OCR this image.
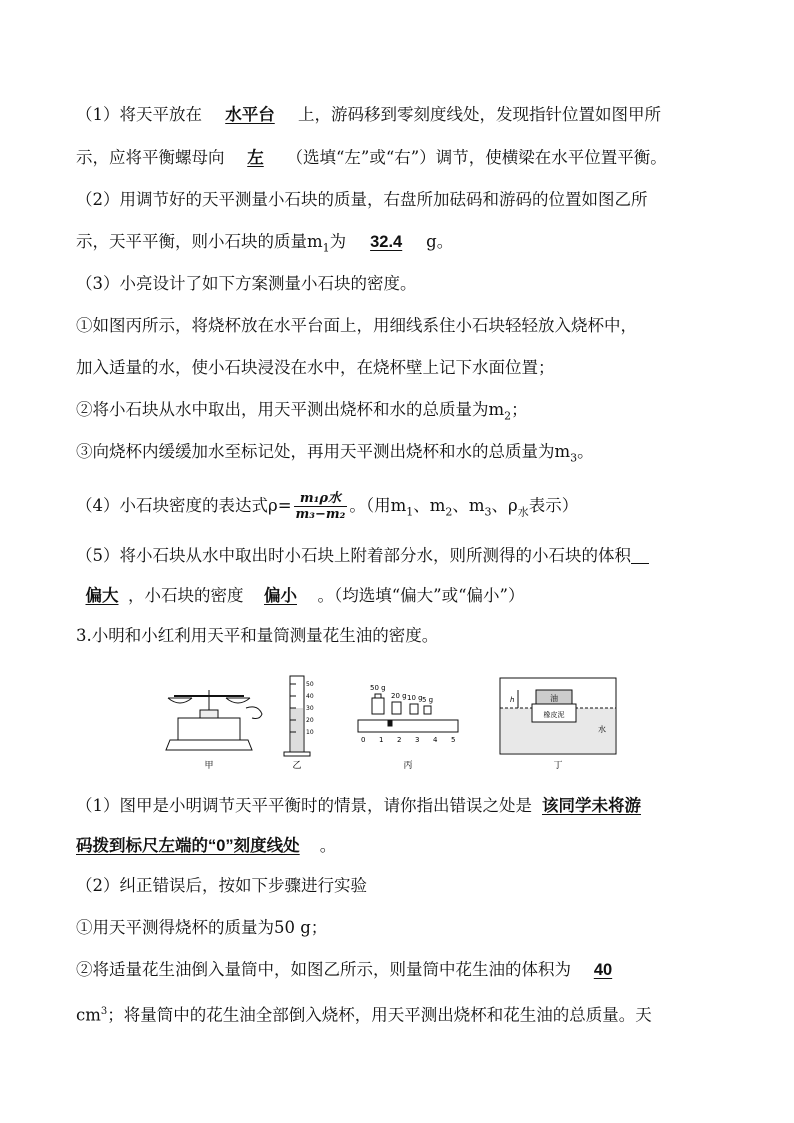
（1）将天平放在 水平台 上，游码移到零刻度线处，发现指针位置如图甲所
示，应将平衡螺母向 左 （选填“左”或“右”）调节，使横梁在水平位置平衡。
（2）用调节好的天平测量小石块的质量，右盘所加砝码和游码的位置如图乙所
示，天平平衡，则小石块的质量$m_1$为 32.4 g。
（3）小亮设计了如下方案测量小石块的密度。
①如图丙所示，将烧杯放在水平台面上，用细线系住小石块轻轻放入烧杯中，
加入适量的水，使小石块浸没在水中，在烧杯壁上记下水面位置；
②将小石块从水中取出，用天平测出烧杯和水的总质量为$m_2$；
③向烧杯内缓缓加水至标记处，再用天平测出烧杯和水的总质量为$m_3$。
（4）小石块密度的表达式$\rho= \frac{\text{m₁ρ水}}{\text{m₃−m₂}}$ 。（用$m_1$、$m_2$、$m_3$、$\rho_水$表示）
（5）将小石块从水中取出时小石块上附着部分水，则所测得的小石块的体积
偏大 ，小石块的密度 偏小 。（均选填“偏大”或“偏小”）
3.小明和小红利用天平和量筒测量花生油的密度。
甲
50
40
30
20
10
乙
50 g
20 g 10 g 5 g
0 1 2 3 4 5
丙
油
橡皮泥
水
h
丁
（1）图甲是小明调节天平平衡时的情景，请你指出错误之处是 该同学未将游
码拨到标尺左端的“0”刻度线处 。
（2）纠正错误后，按如下步骤进行实验
①用天平测得烧杯的质量为50 g；
②将适量花生油倒入量筒中，如图乙所示，则量筒中花生油的体积为 40
$cm^3$；将量筒中的花生油全部倒入烧杯，用天平测出烧杯和花生油的总质量。天
